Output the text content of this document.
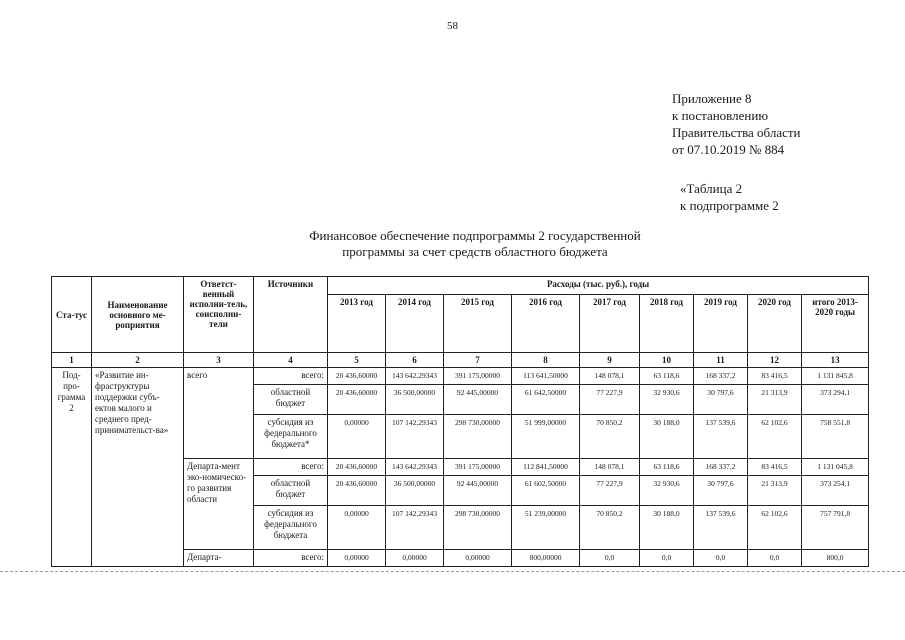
58
Приложение 8
к постановлению
Правительства области
от 07.10.2019 № 884
«Таблица 2
к подпрограмме 2
Финансовое обеспечение подпрограммы 2 государственной
программы за счет средств областного бюджета
Ста-тус	Наименование основного ме-роприятия	Ответст-венный исполни-тель, соисполни-тели	Источники	Расходы (тыс. руб.), годы								
				2013 год	2014 год	2015 год	2016 год	2017 год	2018 год	2019 год	2020 год	итого 2013-2020 годы
1	2	3	4	5	6	7	8	9	10	11	12	13
Под-про-грамма 2	«Развитие ин-фраструктуры поддержки субъ-ектов малого и среднего пред-принимательст-ва»	всего	всего:	20 436,60000	143 642,29343	391 175,00000	113 641,50000	148 078,1	63 118,6	168 337,2	83 416,5	1 131 845,8
			областной бюджет	20 436,60000	36 500,00000	92 445,00000	61 642,50000	77 227,9	32 930,6	30 797,6	21 313,9	373 294,1
			субсидия из федерального бюджета*	0,00000	107 142,29343	298 730,00000	51 999,00000	70 850,2	30 188,0	137 539,6	62 102,6	758 551,8
		Департа-мент эко-номическо-го развития области	всего:	20 436,60000	143 642,29343	391 175,00000	112 841,50000	148 078,1	63 118,6	168 337,2	83 416,5	1 131 045,8
			областной бюджет	20 436,60000	36 500,00000	92 445,00000	61 602,50000	77 227,9	32 930,6	30 797,6	21 313,9	373 254,1
			субсидия из федерального бюджета	0,00000	107 142,29343	298 730,00000	51 239,00000	70 850,2	30 188,0	137 539,6	62 102,6	757 791,8
		Департа-	всего:	0,00000	0,00000	0,00000	800,00000	0,0	0,0	0,0	0,0	800,0
